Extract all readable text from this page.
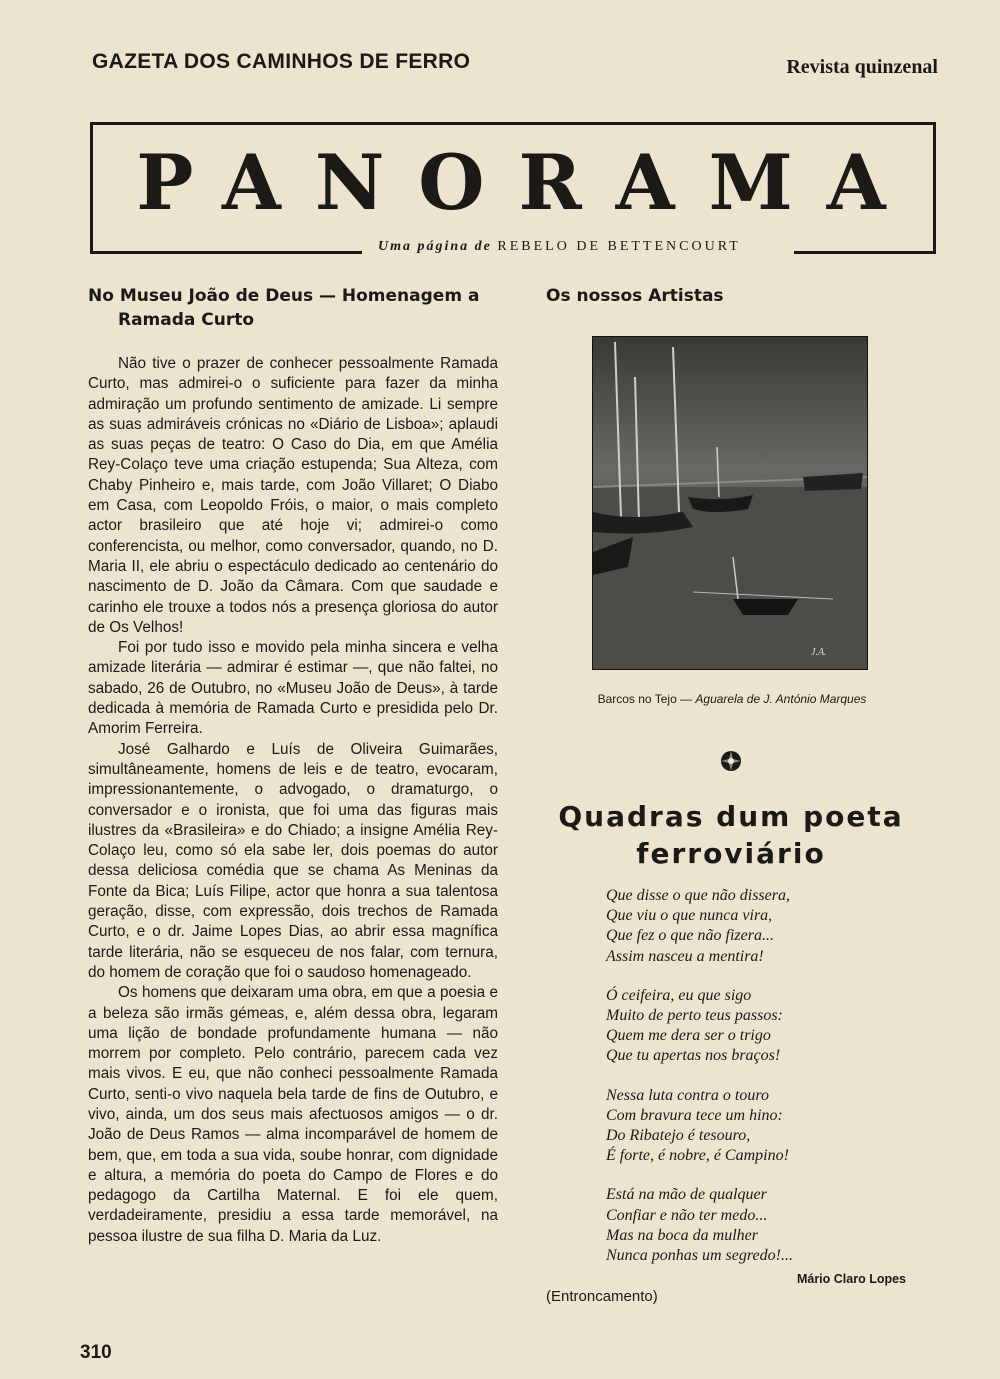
GAZETA DOS CAMINHOS DE FERRO	Revista quinzenal
PANORAMA
Uma página de REBELO DE BETTENCOURT
No Museu João de Deus — Homenagem a
Ramada Curto

Não tive o prazer de conhecer pessoalmente Ramada Curto, mas admirei-o o suficiente para fazer da minha admiração um profundo sentimento de amizade. Li sempre as suas admiráveis crónicas no «Diário de Lisboa»; aplaudi as suas peças de teatro: O Caso do Dia, em que Amélia Rey-Colaço teve uma criação estupenda; Sua Alteza, com Chaby Pinheiro e, mais tarde, com João Villaret; O Diabo em Casa, com Leopoldo Fróis, o maior, o mais completo actor brasileiro que até hoje vi; admirei-o como conferencista, ou melhor, como conversador, quando, no D. Maria II, ele abriu o espectáculo dedicado ao centenário do nascimento de D. João da Câmara. Com que saudade e carinho ele trouxe a todos nós a presença gloriosa do autor de Os Velhos!

Foi por tudo isso e movido pela minha sincera e velha amizade literária — admirar é estimar —, que não faltei, no sabado, 26 de Outubro, no «Museu João de Deus», à tarde dedicada à memória de Ramada Curto e presidida pelo Dr. Amorim Ferreira.

José Galhardo e Luís de Oliveira Guimarães, simultâneamente, homens de leis e de teatro, evocaram, impressionantemente, o advogado, o dramaturgo, o conversador e o ironista, que foi uma das figuras mais ilustres da «Brasileira» e do Chiado; a insigne Amélia Rey-Colaço leu, como só ela sabe ler, dois poemas do autor dessa deliciosa comédia que se chama As Meninas da Fonte da Bica; Luís Filipe, actor que honra a sua talentosa geração, disse, com expressão, dois trechos de Ramada Curto, e o dr. Jaime Lopes Dias, ao abrir essa magnífica tarde literária, não se esqueceu de nos falar, com ternura, do homem de coração que foi o saudoso homenageado.

Os homens que deixaram uma obra, em que a poesia e a beleza são irmãs gémeas, e, além dessa obra, legaram uma lição de bondade profundamente humana — não morrem por completo. Pelo contrário, parecem cada vez mais vivos. E eu, que não conheci pessoalmente Ramada Curto, senti-o vivo naquela bela tarde de fins de Outubro, e vivo, ainda, um dos seus mais afectuosos amigos — o dr. João de Deus Ramos — alma incomparável de homem de bem, que, em toda a sua vida, soube honrar, com dignidade e altura, a memória do poeta do Campo de Flores e do pedagogo da Cartilha Maternal. E foi ele quem, verdadeiramente, presidiu a essa tarde memorável, na pessoa ilustre de sua filha D. Maria da Luz.

Os nossos Artistas
J.A.
Barcos no Tejo — Aguarela de J. António Marques
Quadras dum poeta
ferroviário
Que disse o que não dissera,
Que viu o que nunca vira,
Que fez o que não fizera...
Assim nasceu a mentira!
Ó ceifeira, eu que sigo
Muito de perto teus passos:
Quem me dera ser o trigo
Que tu apertas nos braços!
Nessa luta contra o touro
Com bravura tece um hino:
Do Ribatejo é tesouro,
É forte, é nobre, é Campino!
Está na mão de qualquer
Confiar e não ter medo...
Mas na boca da mulher
Nunca ponhas um segredo!...
Mário Claro Lopes
(Entroncamento)
310
